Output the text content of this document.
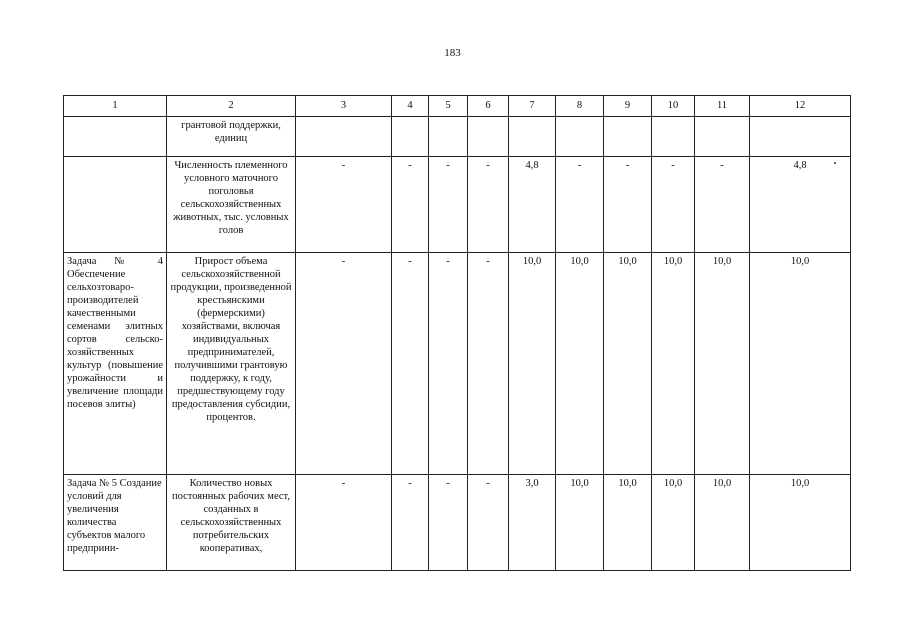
183
1	2	3	4	5	6	7	8	9	10	11	12
	грантовой поддержки, единиц										
	Численность племенного условного маточного поголовья сельскохозяйственных животных, тыс. условных голов	-	-	-	-	4,8	-	-	-	-	4,8
Задача № 4 Обеспечение сельхозтоваро-производителей качественными семенами элитных сортов сельско-хозяйственных культур (повышение урожайности и увеличение площади посевов элиты)	Прирост объема сельскохозяйственной продукции, произведенной крестьянскими (фермерскими) хозяйствами, включая индивидуальных предпринимателей, получившими грантовую поддержку, к году, предшествующему году предоставления субсидии, процентов.	-	-	-	-	10,0	10,0	10,0	10,0	10,0	10,0
Задача № 5 Создание условий для увеличения количества субъектов малого предприни-	Количество новых постоянных рабочих мест, созданных в сельскохозяйственных потребительских кооперативах,	-	-	-	-	3,0	10,0	10,0	10,0	10,0	10,0
